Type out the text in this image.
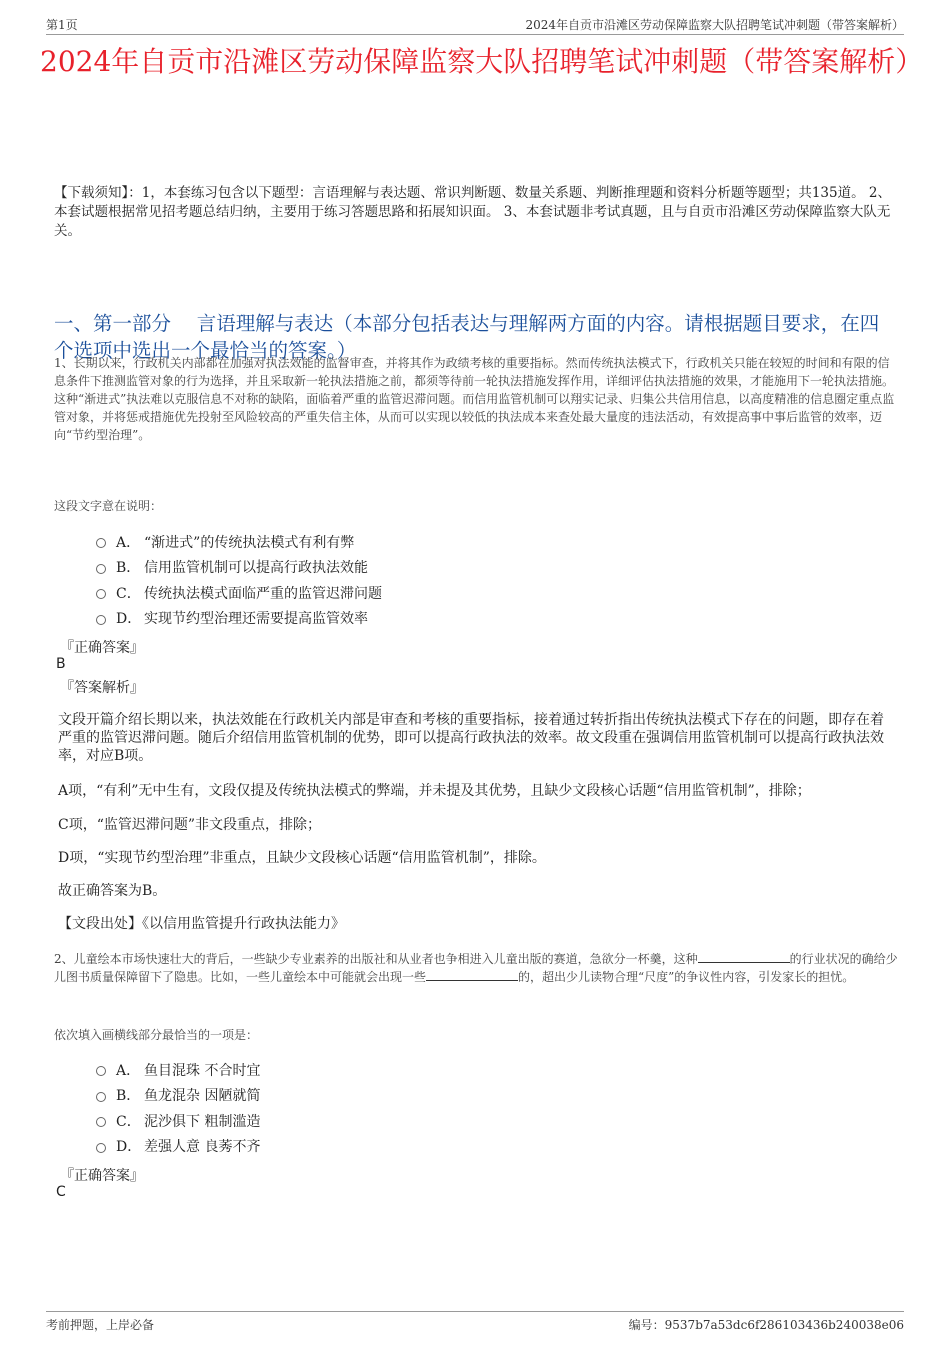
第1页	2024年自贡市沿滩区劳动保障监察大队招聘笔试冲刺题（带答案解析）
2024年自贡市沿滩区劳动保障监察大队招聘笔试冲刺题（带答案解析）

【下载须知】：1，本套练习包含以下题型：言语理解与表达题、常识判断题、数量关系题、判断推理题和资料分析题等题型；共135道。 2、本套试题根据常见招考题总结归纳，主要用于练习答题思路和拓展知识面。 3、本套试题非考试真题，且与自贡市沿滩区劳动保障监察大队无关。

一、第一部分　 言语理解与表达（本部分包括表达与理解两方面的内容。请根据题目要求，在四个选项中选出一个最恰当的答案。）

1、长期以来，行政机关内部都在加强对执法效能的监督审查，并将其作为政绩考核的重要指标。然而传统执法模式下，行政机关只能在较短的时间和有限的信息条件下推测监管对象的行为选择，并且采取新一轮执法措施之前，都须等待前一轮执法措施发挥作用，详细评估执法措施的效果，才能施用下一轮执法措施。这种“渐进式”执法难以克服信息不对称的缺陷，面临着严重的监管迟滞问题。而信用监管机制可以翔实记录、归集公共信用信息，以高度精准的信息圈定重点监管对象，并将惩戒措施优先投射至风险较高的严重失信主体，从而可以实现以较低的执法成本来查处最大量度的违法活动，有效提高事中事后监管的效率，迈向“节约型治理”。

这段文字意在说明：

A． “渐进式”的传统执法模式有利有弊
B． 信用监管机制可以提高行政执法效能
C． 传统执法模式面临严重的监管迟滞问题
D． 实现节约型治理还需要提高监管效率
『正确答案』
B
『答案解析』

文段开篇介绍长期以来，执法效能在行政机关内部是审查和考核的重要指标，接着通过转折指出传统执法模式下存在的问题，即存在着严重的监管迟滞问题。随后介绍信用监管机制的优势，即可以提高行政执法的效率。故文段重在强调信用监管机制可以提高行政执法效率，对应B项。

A项，“有利”无中生有，文段仅提及传统执法模式的弊端，并未提及其优势，且缺少文段核心话题“信用监管机制”，排除；

C项，“监管迟滞问题”非文段重点，排除；

D项，“实现节约型治理”非重点，且缺少文段核心话题“信用监管机制”，排除。

故正确答案为B。

【文段出处】《以信用监管提升行政执法能力》

2、儿童绘本市场快速壮大的背后，一些缺少专业素养的出版社和从业者也争相进入儿童出版的赛道，急欲分一杯羹，这种	的行业状况的确给少儿图书质量保障留下了隐患。比如，一些儿童绘本中可能就会出现一些	的，超出少儿读物合理“尺度”的争议性内容，引发家长的担忧。

依次填入画横线部分最恰当的一项是：

A． 鱼目混珠 不合时宜
B． 鱼龙混杂 因陋就简
C． 泥沙俱下 粗制滥造
D． 差强人意 良莠不齐
『正确答案』
C
考前押题，上岸必备	编号：9537b7a53dc6f286103436b240038e06
